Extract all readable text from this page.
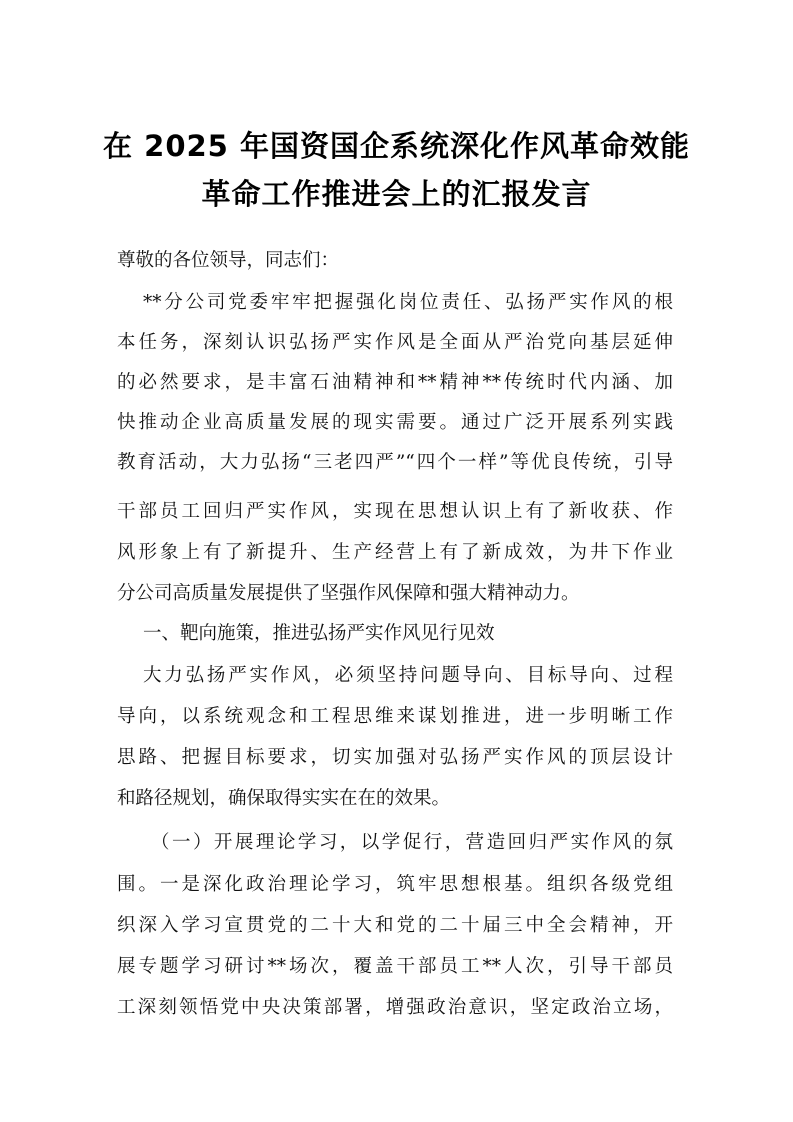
在 2025 年国资国企系统深化作风革命效能
革命工作推进会上的汇报发言
尊敬的各位领导，同志们：
**分公司党委牢牢把握强化岗位责任、弘扬严实作风的根
本任务，深刻认识弘扬严实作风是全面从严治党向基层延伸
的必然要求，是丰富石油精神和**精神**传统时代内涵、加
快推动企业高质量发展的现实需要。通过广泛开展系列实践
教育活动，大力弘扬“三老四严”“四个一样”等优良传统，引导
干部员工回归严实作风，实现在思想认识上有了新收获、作
风形象上有了新提升、生产经营上有了新成效，为井下作业
分公司高质量发展提供了坚强作风保障和强大精神动力。
一、靶向施策，推进弘扬严实作风见行见效
大力弘扬严实作风，必须坚持问题导向、目标导向、过程
导向，以系统观念和工程思维来谋划推进，进一步明晰工作
思路、把握目标要求，切实加强对弘扬严实作风的顶层设计
和路径规划，确保取得实实在在的效果。
（一）开展理论学习，以学促行，营造回归严实作风的氛
围。一是深化政治理论学习，筑牢思想根基。组织各级党组
织深入学习宣贯党的二十大和党的二十届三中全会精神，开
展专题学习研讨**场次，覆盖干部员工**人次，引导干部员
工深刻领悟党中央决策部署，增强政治意识，坚定政治立场，
